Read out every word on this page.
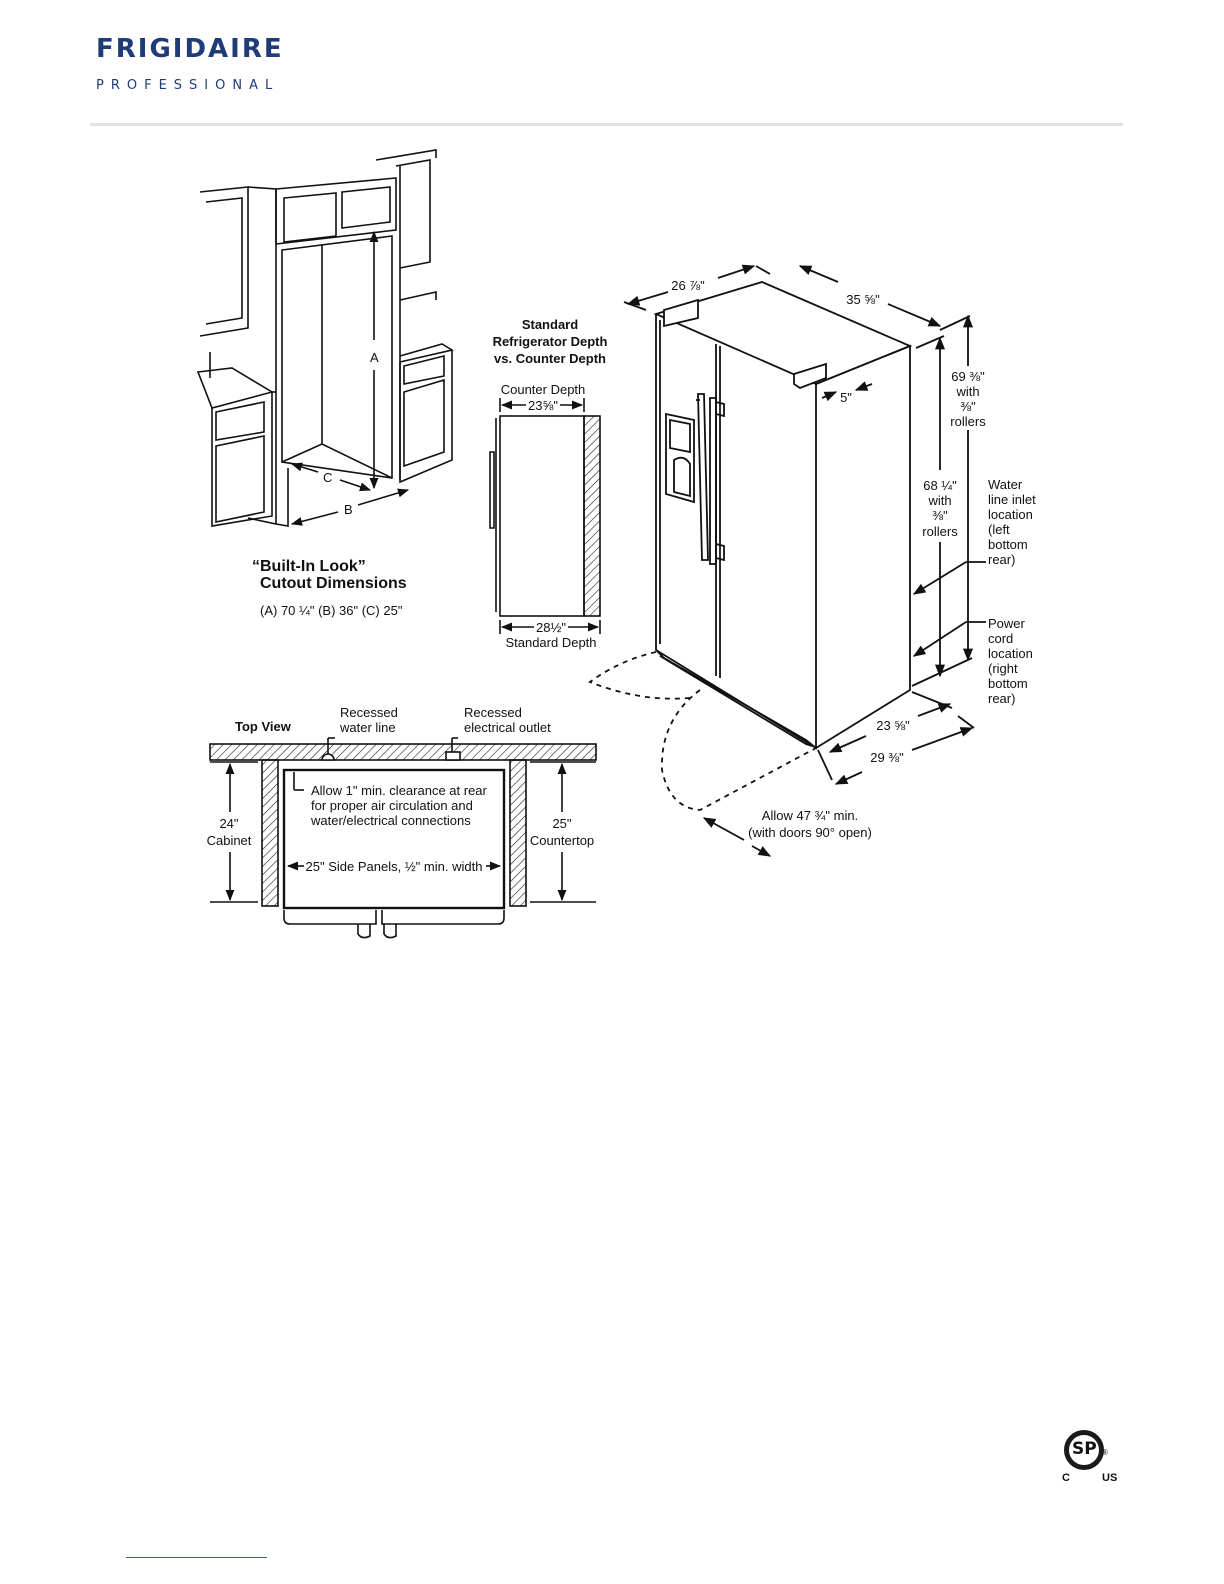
FRIGIDAIRE
PROFESSIONAL
A
C
B
“Built-In Look”
Cutout Dimensions
(A) 70 ¼" (B) 36" (C) 25"
Standard
Refrigerator Depth
vs. Counter Depth
Counter Depth
23⅝"
28½"
Standard Depth
Top View
Recessed
water line
Recessed
electrical outlet
Allow 1" min. clearance at rear
for proper air circulation and
water/electrical connections
24"
Cabinet
25"
Countertop
25" Side Panels, ½" min. width
26 ⅞"
35 ⅝"
5"
69 ⅜"
with
⅜"
rollers
68 ¼"
with
⅜"
rollers
Water
line inlet
location
(left
bottom
rear)
Power
cord
location
(right
bottom
rear)
23 ⅝"
29 ⅜"
Allow 47 ¾" min.
(with doors 90° open)
SP ®
C	US
